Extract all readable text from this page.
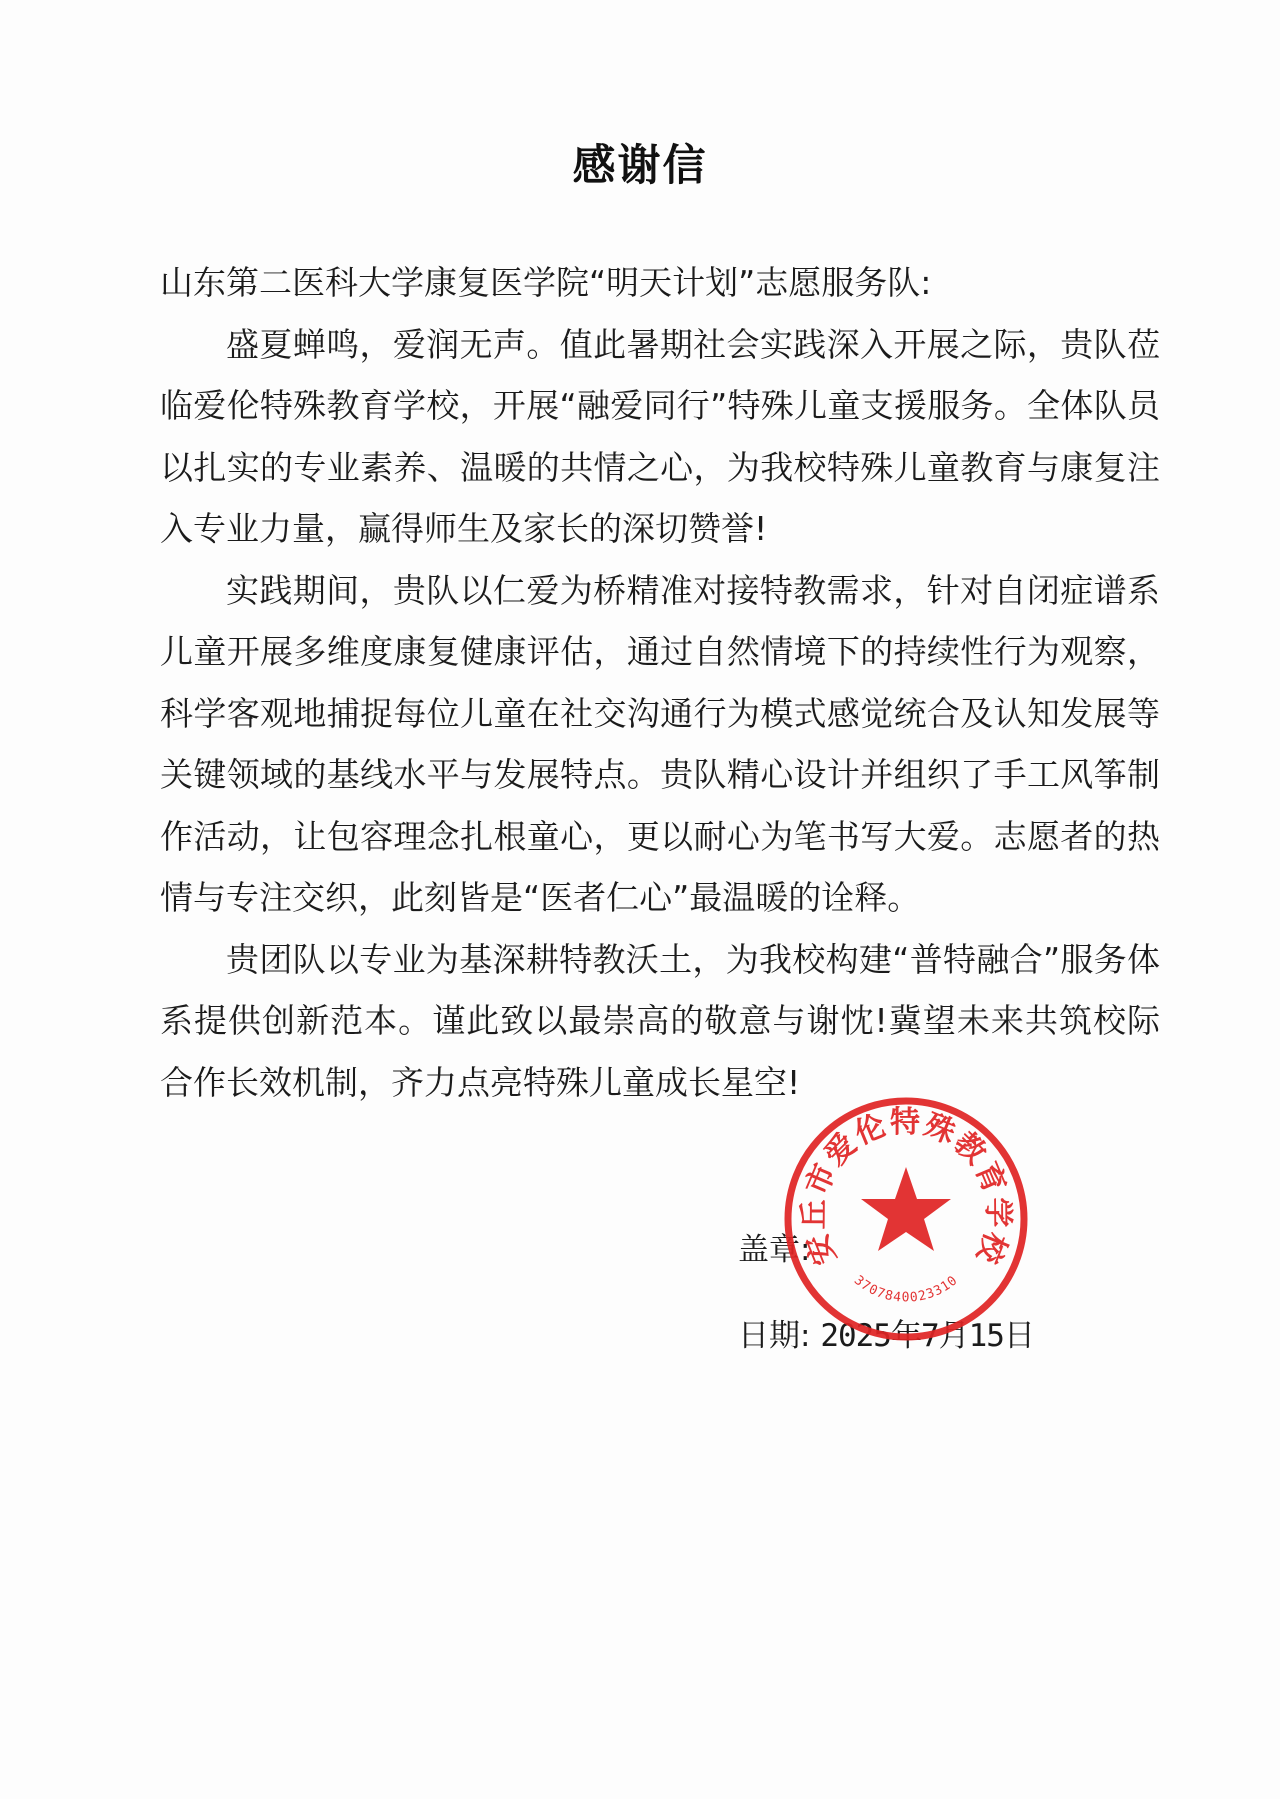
感谢信

山东第二医科大学康复医学院“明天计划”志愿服务队:

盛夏蝉鸣，爱润无声。值此暑期社会实践深入开展之际，贵队莅临爱伦特殊教育学校，开展“融爱同行”特殊儿童支援服务。全体队员以扎实的专业素养、温暖的共情之心，为我校特殊儿童教育与康复注入专业力量，赢得师生及家长的深切赞誉!

实践期间，贵队以仁爱为桥精准对接特教需求，针对自闭症谱系儿童开展多维度康复健康评估，通过自然情境下的持续性行为观察，科学客观地捕捉每位儿童在社交沟通行为模式感觉统合及认知发展等关键领域的基线水平与发展特点。贵队精心设计并组织了手工风筝制作活动，让包容理念扎根童心，更以耐心为笔书写大爱。志愿者的热情与专注交织，此刻皆是“医者仁心”最温暖的诠释。

贵团队以专业为基深耕特教沃土，为我校构建“普特融合”服务体系提供创新范本。谨此致以最崇高的敬意与谢忱!冀望未来共筑校际合作长效机制，齐力点亮特殊儿童成长星空!

盖章:
日期: 2025年7月15日
安丘市爱伦特殊教育学校
3707840023310
